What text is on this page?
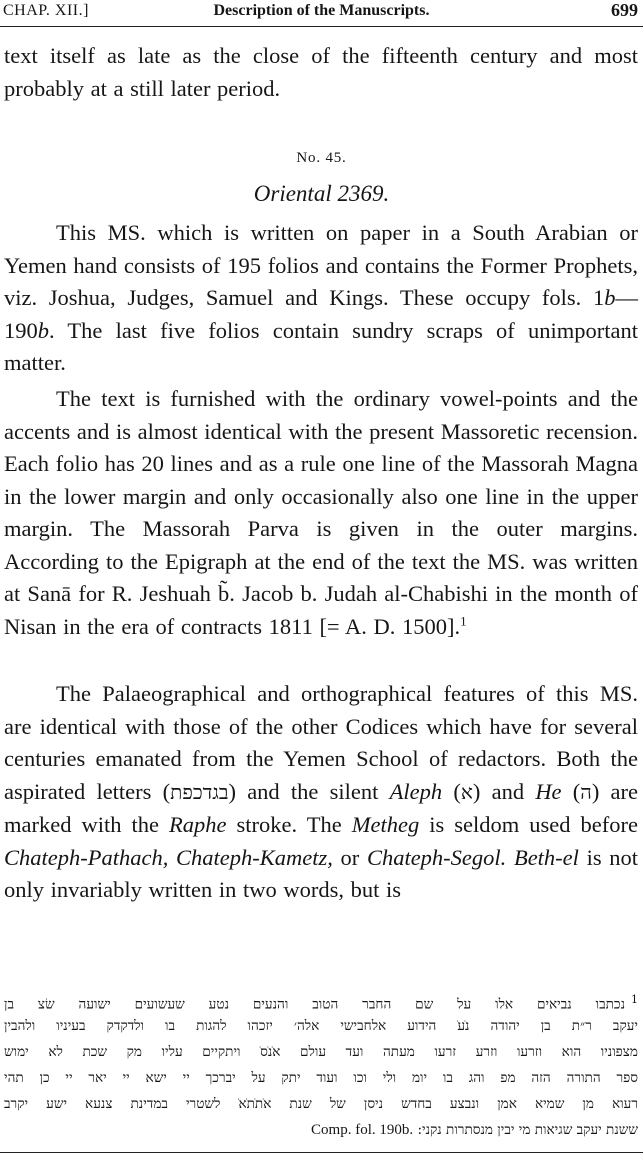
CHAP. XII.]	Description of the Manuscripts.	699
text itself as late as the close of the fifteenth century and most probably at a still later period.
No. 45.
Oriental 2369.
This MS. which is written on paper in a South Arabian or Yemen hand consists of 195 folios and contains the Former Prophets, viz. Joshua, Judges, Samuel and Kings. These occupy fols. 1b—190b. The last five folios contain sundry scraps of unimportant matter.
The text is furnished with the ordinary vowel-points and the accents and is almost identical with the present Massoretic recension. Each folio has 20 lines and as a rule one line of the Massorah Magna in the lower margin and only occasionally also one line in the upper margin. The Massorah Parva is given in the outer margins. According to the Epigraph at the end of the text the MS. was written at Sanā for R. Jeshuah b̃. Jacob b. Judah al-Chabishi in the month of Nisan in the era of contracts 1811 [= A. D. 1500].$^1$
The Palaeographical and orthographical features of this MS. are identical with those of the other Codices which have for several centuries emanated from the Yemen School of redactors. Both the aspirated letters (בגדכפת) and the silent Aleph (א) and He (ה) are marked with the Raphe stroke. The Metheg is seldom used before Chateph-Pathach, Chateph-Kametz, or Chateph-Segol. Beth-el is not only invariably written in two words, but is
$^1$נכתבו נביאים אלו על שם החבר הטוב והנעים נטע שעשועים ישועה שׂצ בן
יעקב ר״ת בן יהודה נׂעׂ הידוע אלחבישי אלה׳ יזכהו להגות בו ולדקדק בעיניו ולהבין
מצפוניו הוא וזרעו וזרע זרעו מעתה ועד עולם אׂנׂסׂ ויתקיים עליו מק שכת לא ימוש
ספר התורה הזה מפ והג בו יומ ולי וכו ועוד יתק על יברכך יי ישא יי יאר יי כן תהי
רעוא מן שמיא אמן ונבצע בחדש ניסן של שנת אׂתׂתׂאׂ לשטרי במדינת צנעא ישע יקרב
ששנת יעקב שגיאות מי יבין מנסתרות נקני: Comp. fol. 190b.
